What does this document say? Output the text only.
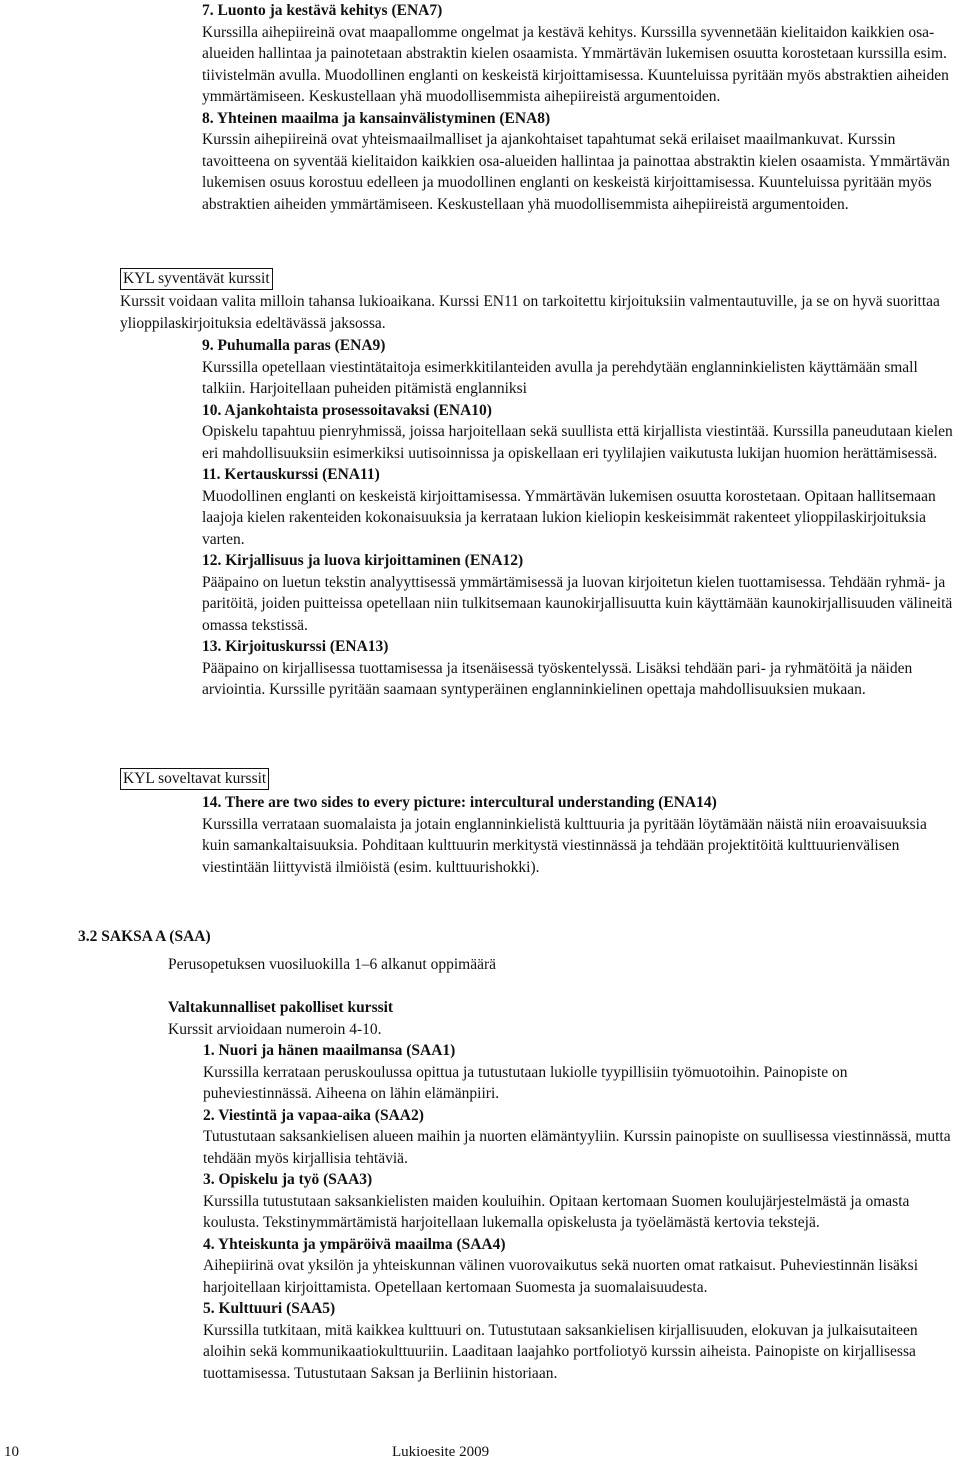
7. Luonto ja kestävä kehitys (ENA7)
Kurssilla aihepiireinä ovat maapallomme ongelmat ja kestävä kehitys. Kurssilla syvennetään kielitaidon kaikkien osa-alueiden hallintaa ja painotetaan abstraktin kielen osaamista. Ymmärtävän lukemisen osuutta korostetaan kurssilla esim. tiivistelmän avulla. Muodollinen englanti on keskeistä kirjoittamisessa. Kuunteluissa pyritään myös abstraktien aiheiden ymmärtämiseen. Keskustellaan yhä muodollisemmista aihepiireistä argumentoiden.
8. Yhteinen maailma ja kansainvälistyminen (ENA8)
Kurssin aihepiireinä ovat yhteismaailmalliset ja ajankohtaiset tapahtumat sekä erilaiset maailmankuvat. Kurssin tavoitteena on syventää kielitaidon kaikkien osa-alueiden hallintaa ja painottaa abstraktin kielen osaamista. Ymmärtävän lukemisen osuus korostuu edelleen ja muodollinen englanti on keskeistä kirjoittamisessa. Kuunteluissa pyritään myös abstraktien aiheiden ymmärtämiseen. Keskustellaan yhä muodollisemmista aihepiireistä argumentoiden.
KYL syventävät kurssit
Kurssit voidaan valita milloin tahansa lukioaikana. Kurssi EN11 on tarkoitettu kirjoituksiin valmentautuville, ja se on hyvä suorittaa ylioppilaskirjoituksia edeltävässä jaksossa.
9. Puhumalla paras (ENA9)
Kurssilla opetellaan viestintätaitoja esimerkkitilanteiden avulla ja perehdytään englanninkielisten käyttämään small talkiin. Harjoitellaan puheiden pitämistä englanniksi
10. Ajankohtaista prosessoitavaksi (ENA10)
Opiskelu tapahtuu pienryhmissä, joissa harjoitellaan sekä suullista että kirjallista viestintää. Kurssilla paneudutaan kielen eri mahdollisuuksiin esimerkiksi uutisoinnissa ja opiskellaan eri tyylilajien vaikutusta lukijan huomion herättämisessä.
11. Kertauskurssi (ENA11)
Muodollinen englanti on keskeistä kirjoittamisessa. Ymmärtävän lukemisen osuutta korostetaan. Opitaan hallitsemaan laajoja kielen rakenteiden kokonaisuuksia ja kerrataan lukion kieliopin keskeisimmät rakenteet ylioppilaskirjoituksia varten.
12. Kirjallisuus ja luova kirjoittaminen (ENA12)
Pääpaino on luetun tekstin analyyttisessä ymmärtämisessä ja luovan kirjoitetun kielen tuottamisessa. Tehdään ryhmä- ja paritöitä, joiden puitteissa opetellaan niin tulkitsemaan kaunokirjallisuutta kuin käyttämään kaunokirjallisuuden välineitä omassa tekstissä.
13. Kirjoituskurssi (ENA13)
Pääpaino on kirjallisessa tuottamisessa ja itsenäisessä työskentelyssä. Lisäksi tehdään pari- ja ryhmätöitä ja näiden arviointia. Kurssille pyritään saamaan syntyperäinen englanninkielinen opettaja mahdollisuuksien mukaan.
KYL soveltavat kurssit
14. There are two sides to every picture: intercultural understanding (ENA14)
Kurssilla verrataan suomalaista ja jotain englanninkielistä kulttuuria ja pyritään löytämään näistä niin eroavaisuuksia kuin samankaltaisuuksia. Pohditaan kulttuurin merkitystä viestinnässä ja tehdään projektitöitä kulttuurienvälisen viestintään liittyvistä ilmiöistä (esim. kulttuurishokki).
3.2 SAKSA A (SAA)
Perusopetuksen vuosiluokilla 1–6 alkanut oppimäärä
Valtakunnalliset pakolliset kurssit
Kurssit arvioidaan numeroin 4-10.
1. Nuori ja hänen maailmansa (SAA1)
Kurssilla kerrataan peruskoulussa opittua ja tutustutaan lukiolle tyypillisiin työmuotoihin. Painopiste on puheviestinnässä. Aiheena on lähin elämänpiiri.
2. Viestintä ja vapaa-aika (SAA2)
Tutustutaan saksankielisen alueen maihin ja nuorten elämäntyyliin. Kurssin painopiste on suullisessa viestinnässä, mutta tehdään myös kirjallisia tehtäviä.
3. Opiskelu ja työ (SAA3)
Kurssilla tutustutaan saksankielisten maiden kouluihin. Opitaan kertomaan Suomen koulujärjestelmästä ja omasta koulusta. Tekstinymmärtämistä harjoitellaan lukemalla opiskelusta ja työelämästä kertovia tekstejä.
4. Yhteiskunta ja ympäröivä maailma (SAA4)
Aihepiirinä ovat yksilön ja yhteiskunnan välinen vuorovaikutus sekä nuorten omat ratkaisut. Puheviestinnän lisäksi harjoitellaan kirjoittamista. Opetellaan kertomaan Suomesta ja suomalaisuudesta.
5. Kulttuuri (SAA5)
Kurssilla tutkitaan, mitä kaikkea kulttuuri on. Tutustutaan saksankielisen kirjallisuuden, elokuvan ja julkaisutaiteen aloihin sekä kommunikaatiokulttuuriin. Laaditaan laajahko portfoliotyö kurssin aiheista. Painopiste on kirjallisessa tuottamisessa. Tutustutaan Saksan ja Berliinin historiaan.
10	Lukioesite 2009
